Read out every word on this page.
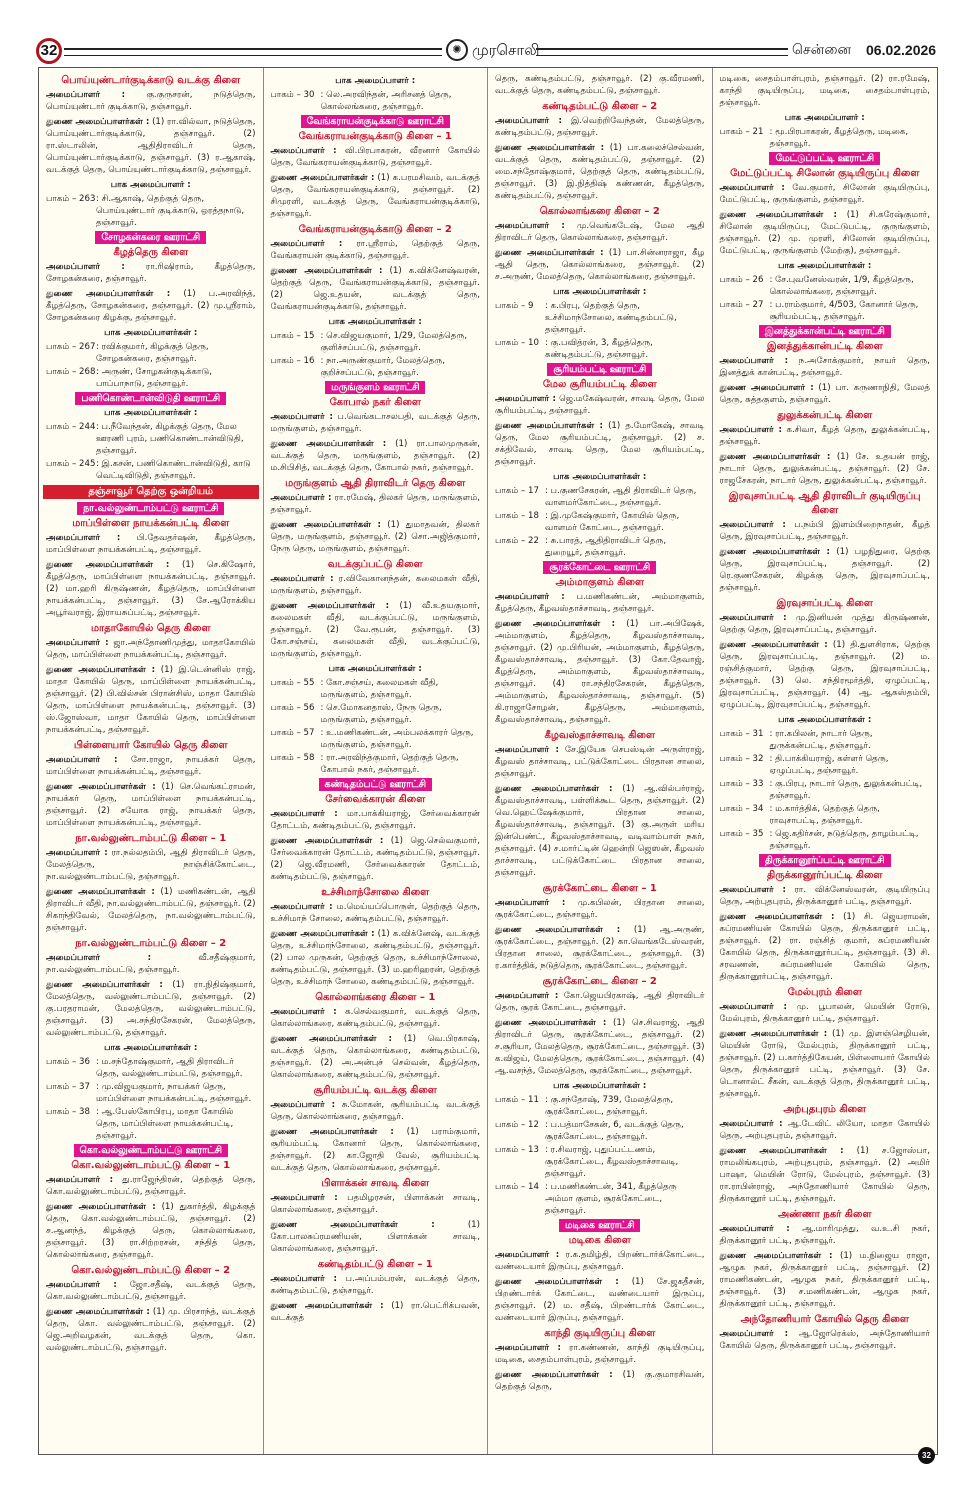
32	✺ முரசொலி	சென்னை 06.02.2026
பொய்யுண்டார்குடிக்காடு வடக்கு கிளை
அமைப்பாளர் : கு.குருசரன், நடுத்தெரு, பொய்யுண்டார் குடிக்காடு, தஞ்சாவூர்.
துணை அமைப்பாளர்கள் : (1) ரா.வில்வா, நடுத்தெரு, பொய்யுண்டார்குடிக்காடு, தஞ்சாவூர். (2) ரா.ஸ்டாலின், ஆதிதிராவிடர் தெரு, பொய்யுண்டார்குடிக்காடு, தஞ்சாவூர். (3) ர.ஆகாஷ், வடக்குத் தெரு, பொய்யுண்டார்குடிக்காடு, தஞ்சாவூர்.
பாக அமைப்பாளர் :
பாகம் – 263 : சி.ஆகாஷ், தெற்குத் தெரு, பொய்யுண்டார் குடிக்காடு, ஒரத்தநாடு, தஞ்சாவூர்.
சோழகன்கரை ஊராட்சி
கீழத்தெரு கிளை
அமைப்பாளர் : ரா.ரிஷிராம், கீழத்தெரு, சோழகன்கரை, தஞ்சாவூர்.
துணை அமைப்பாளர்கள் : (1) ப.அரவிந்த், கீழத்தெரு, சோழகன்கரை, தஞ்சாவூர். (2) மு.ஸ்ரீராம், சோழகன்கரை கிழக்கு, தஞ்சாவூர்.
பாக அமைப்பாளர்கள் :
பாகம் – 267 : ரவிக்குமார், கிழக்குத் தெரு, சோழகன்கரை, தஞ்சாவூர்.
பாகம் – 268 : அருண், சோழகன்குடிக்காடு, பாப்பாநாடு, தஞ்சாவூர்.
பணிகொண்டான்விடுதி ஊராட்சி
பாக அமைப்பாளர்கள் :
பாகம் – 244 : ப.நீவேந்தன், கிழக்குத் தெரு, மேல ஊரணி புரம், பணிகொண்டான்விடுதி, தஞ்சாவூர்.
பாகம் – 245 : இ.கசன், பணிகொண்டான்விடுதி, காடு வெட்டிவிடுதி, தஞ்சாவூர்.
தஞ்சாவூர் தெற்கு ஒன்றியம்
நா.வல்லுண்டாம்பட்டு ஊராட்சி
மாப்பிள்ளை நாயக்கன்பட்டி கிளை
அமைப்பாளர் : பி.தேவதர்ஷன், கீழத்தெரு, மாப்பிள்ளை நாயக்கன்பட்டி, தஞ்சாவூர்.
துணை அமைப்பாளர்கள் : (1) செ.கிஷோர், கீழத்தெரு, மாப்பிள்ளை நாயக்கன்பட்டி, தஞ்சாவூர். (2) மா.ஹரி கிருஷ்ணன், கீழத்தெரு, மாப்பிள்ளை நாயக்கன்பட்டி, தஞ்சாவூர். (3) சே.ஆரோக்கிய அபூர்வராஜ், இராயசுப்பட்டி, தஞ்சாவூர்.
மாதாகோயில் தெரு கிளை
அமைப்பாளர் : ஜா.அந்தோணிமுத்து, மாதாகோயில் தெரு, மாப்பிள்ளை நாயக்கன்பட்டி, தஞ்சாவூர்.
துணை அமைப்பாளர்கள் : (1) இ.டென்னிஸ் ராஜ், மாதா கோயில் தெரு, மாப்பிள்ளை நாயக்கன்பட்டி, தஞ்சாவூர். (2) பி.வில்சன் பிரான்சிஸ், மாதா கோயில் தெரு, மாப்பிள்ளை நாயக்கன்பட்டி, தஞ்சாவூர். (3) ஸ்.ஜோஸ்வா, மாதா கோயில் தெரு, மாப்பிள்ளை நாயக்கன்பட்டி, தஞ்சாவூர்.
பிள்ளையார் கோயில் தெரு கிளை
அமைப்பாளர் : சோ.ராஜா, நாயக்கர் தெரு, மாப்பிள்ளை நாயக்கன்பட்டி, தஞ்சாவூர்.
துணை அமைப்பாளர்கள் : (1) செ.வெங்கட்ராமன், நாயக்கர் தெரு, மாப்பிள்ளை நாயக்கன்பட்டி, தஞ்சாவூர். (2) சயோக ராஜ், நாயக்கர் தெரு, மாப்பிள்ளை நாயக்கன்பட்டி, தஞ்சாவூர்.
நா.வல்லுண்டாம்பட்டு கிளை – 1
அமைப்பாளர் : ரா.நல்லதம்பி, ஆதி திராவிடர் தெரு, மேலத்தெரு, நாஞ்சிக்கோட்டை, நா.வல்லுண்டாம்பட்டு, தஞ்சாவூர்.
துணை அமைப்பாளர்கள் : (1) மணிகண்டன், ஆதி திராவிடர் வீதி, நா.வல்லுண்டாம்பட்டு, தஞ்சாவூர். (2) சிகாந்திவேல், மேலத்தெரு, நா.வல்லுண்டாம்பட்டு, தஞ்சாவூர்.
நா.வல்லுண்டாம்பட்டு கிளை – 2
அமைப்பாளர் : வீ.சதீஷ்குமார், நா.வல்லுண்டாம்பட்டு, தஞ்சாவூர்.
துணை அமைப்பாளர்கள் : (1) ரா.நிதிஷ்குமார், மேலத்தெரு, வல்லுண்டாம்பட்டு, தஞ்சாவூர். (2) கு.பரதராமன், மேலத்தெரு, வல்லுண்டாம்பட்டு, தஞ்சாவூர். (3) அ.சந்திரசேகரன், மேலத்தெரு, வல்லுண்டாம்பட்டு, தஞ்சாவூர்.
பாக அமைப்பாளர்கள் :
பாகம் – 36 : ம.சந்தோஷ்குமார், ஆதி திராவிடர் தெரு, வல்லுண்டாம்பட்டு, தஞ்சாவூர்.
பாகம் – 37 : மு.விஜயகுமார், நாயக்கர் தெரு, மாப்பிள்ளை நாயக்கன்பட்டி, தஞ்சாவூர்.
பாகம் – 38 : ஆ.பேஸ்கோபிரபு, மாதா கோயில் தெரு, மாப்பிள்ளை நாயக்கன்பட்டி, தஞ்சாவூர்.
கொ.வல்லுண்டாம்பட்டு ஊராட்சி
கொ.வல்லுண்டாம்பட்டு கிளை – 1
அமைப்பாளர் : து.ராஜேந்திரன், தெற்குத் தெரு, கொ.வல்லுண்டாம்பட்டு, தஞ்சாவூர்.
துணை அமைப்பாளர்கள் : (1) துகார்த்தி, கிழக்குத் தெரு, கொ.வல்லுண்டாம்பட்டு, தஞ்சாவூர். (2) ச.ஆனந்த், கிழக்குத் தெரு, கொல்லாங்கரை, தஞ்சாவூர். (3) ரா.சிற்றரசன், சந்தித் தெரு, கொல்லாங்கரை, தஞ்சாவூர்.
கொ.வல்லுண்டாம்பட்டு கிளை – 2
அமைப்பாளர் : ஜோ.சதீஷ், வடக்குத் தெரு, கொ.வல்லுண்டாம்பட்டு, தஞ்சாவூர்.
துணை அமைப்பாளர்கள் : (1) மு. பிரசாந்த், வடக்குத் தெரு, கொ. வல்லுண்டாம்பட்டு, தஞ்சாவூர். (2) ஜெ.அறிவழகன், வடக்குத் தெரு, கொ. வல்லுண்டாம்பட்டு, தஞ்சாவூர்.
பாக அமைப்பாளர் :
பாகம் – 30 : லெ.அரவிந்தன், அரிசனத் தெரு, கொல்லங்கரை, தஞ்சாவூர்.
வேங்கராயன்குடிக்காடு ஊராட்சி
வேங்கராயன்குடிக்காடு கிளை – 1
அமைப்பாளர் : வி.பிரபாகரன், வீரனார் கோயில் தெரு, வேங்கராயன்குடிக்காடு, தஞ்சாவூர்.
துணை அமைப்பாளர்கள் : (1) க.பரமசிவம், வடக்குத் தெரு, வேங்கராயன்குடிக்காடு, தஞ்சாவூர். (2) சிமுரளி, வடக்குத் தெரு, வேங்கராயன்குடிக்காடு, தஞ்சாவூர்.
வேங்கராயன்குடிக்காடு கிளை – 2
அமைப்பாளர் : ரா.ஸ்ரீராம், தெற்குத் தெரு, வேங்கராயன் குடிக்காடு, தஞ்சாவூர்.
துணை அமைப்பாளர்கள் : (1) க.விக்னேஷ்வரன், தெற்குத் தெரு, வேங்கராயன்குடிக்காடு, தஞ்சாவூர். (2) ஜெ.உதயன், வடக்குத் தெரு, வேங்கராயன்குடிக்காடு, தஞ்சாவூர்.
பாக அமைப்பாளர்கள் :
பாகம் – 15 : செ.விஜயகுமார், 1/29, மேலத்தெரு, குளிச்சப்பட்டு, தஞ்சாவூர்.
பாகம் – 16 : நா.அருண்குமார், மேலத்தெரு, குறிச்சப்பட்டு, தஞ்சாவூர்.
மருங்குளம் ஊராட்சி
கோபால் நகர் கிளை
அமைப்பாளர் : ப.வெங்கடாசலபதி, வடக்குத் தெரு, மருங்குளம், தஞ்சாவூர்.
துணை அமைப்பாளர்கள் : (1) ரா.பாலமுருகன், வடக்குத் தெரு, மருங்குளம், தஞ்சாவூர். (2) ம.சிபிசித், வடக்குத் தெரு, கோபால் நகர், தஞ்சாவூர்.
மருங்குளம் ஆதி திராவிடர் தெரு கிளை
அமைப்பாளர் : ரா.ரமேஷ், திலகர் தெரு, மருங்குளம், தஞ்சாவூர்.
துணை அமைப்பாளர்கள் : (1) துமாதவன், திலகர் தெரு, மருங்குளம், தஞ்சாவூர். (2) சொ.அஜித்குமார், நேரு தெரு, மருங்குளம், தஞ்சாவூர்.
வடக்குப்பட்டு கிளை
அமைப்பாளர் : ர.விவேகானந்தன், கலைமகள் வீதி, மருங்குளம், தஞ்சாவூர்.
துணை அமைப்பாளர்கள் : (1) வீ.உதயகுமார், கலைமகள் வீதி, வடக்குப்பட்டு, மருங்குளம், தஞ்சாவூர். (2) வே.ரூபன், தஞ்சாவூர். (3) கோ.சஞ்சய், கலைமகள் வீதி, வடக்குப்பட்டு, மருங்குளம், தஞ்சாவூர்.
பாக அமைப்பாளர்கள் :
பாகம் – 55 : கோ.சஞ்சய், கலைமகள் வீதி, மருங்குளம், தஞ்சாவூர்.
பாகம் – 56 : செ.மோகனதாஸ், நேரு தெரு, மருங்குளம், தஞ்சாவூர்.
பாகம் – 57 : உ.மணிகண்டன், அம்பலக்காரர் தெரு, மருங்குளம், தஞ்சாவூர்.
பாகம் – 58 : ரா.அரவிந்த்குமார், தெற்குத் தெரு, கோபால் நகர், தஞ்சாவூர்.
கண்டிதம்பட்டு ஊராட்சி
சேர்வைக்காரன் கிளை
அமைப்பாளர் : மா.பாக்கியராஜ், சேர்வைக்காரன் தோட்டம், கண்டிதம்பட்டு, தஞ்சாவூர்.
துணை அமைப்பாளர்கள் : (1) ஜெ.செல்வகுமார், சேர்வைக்காரன் தோட்டம், கண்டிதம்பட்டு, தஞ்சாவூர். (2) ஜெ.வீரமணி, சேர்வைக்காரன் தோட்டம், கண்டிதம்பட்டு, தஞ்சாவூர்.
உச்சிமாந்சோலை கிளை
அமைப்பாளர் : ம.மெய்யப்பொருள், தெற்குத் தெரு, உச்சிமாந் சோலை, கண்டிதம்பட்டு, தஞ்சாவூர்.
துணை அமைப்பாளர்கள் : (1) க.விக்னேஷ், வடக்குத் தெரு, உச்சிமாந்சோலை, கண்டிதம்பட்டு, தஞ்சாவூர். (2) பால முருகன், தெற்குத் தெரு, உச்சிமாந்சோலை, கண்டிதம்பட்டு, தஞ்சாவூர். (3) ம.ஹரிஹரன், தெற்குத் தெரு, உச்சிமாந் சோலை, கண்டிதம்பட்டு, தஞ்சாவூர்.
கொல்லாங்கரை கிளை – 1
அமைப்பாளர் : க.செல்வகுமார், வடக்குத் தெரு, கொல்லாங்கரை, கண்டிதம்பட்டு, தஞ்சாவூர்.
துணை அமைப்பாளர்கள் : (1) வெ.பிரகாஷ், வடக்குத் தெரு, கொல்லாங்கரை, கண்டிதம்பட்டு, தஞ்சாவூர். (2) அ.அன்புச் செல்வன், கீழத்தெரு, கொல்லாங்கரை, கண்டிதம்பட்டு, தஞ்சாவூர்.
சூரியம்பட்டி வடக்கு கிளை
அமைப்பாளர் : சு.மோகன், சூரியம்பட்டி வடக்குத் தெரு, கொல்லாங்கரை, தஞ்சாவூர்.
துணை அமைப்பாளர்கள் : (1) பராம்குமார், சூரியம்பட்டி கோனார் தெரு, கொல்லாங்கரை, தஞ்சாவூர். (2) கா.ஜோதி வேல், சூரியம்பட்டி வடக்குத் தெரு, கொல்லாங்கரை, தஞ்சாவூர்.
பிளாக்கன் சாவடி கிளை
அமைப்பாளர் : பதமிழரசன், பிளாக்கன் சாவடி, கொல்லாங்கரை, தஞ்சாவூர்.
துணை அமைப்பாளர்கள் : (1) கோ.பாலசுப்ரமணியன், பிளாக்கன் சாவடி, கொல்லாங்கரை, தஞ்சாவூர்.
கண்டிதம்பட்டு கிளை – 1
அமைப்பாளர் : ப.அப்பம்பரன், வடக்குத் தெரு, கண்டிதம்பட்டு, தஞ்சாவூர்.
துணை அமைப்பாளர்கள் : (1) ரா.பெட்ரிக்பவன், வடக்குத்
தெரு, கண்டிதம்பட்டு, தஞ்சாவூர். (2) கு.வீரமணி, வடக்குத் தெரு, கண்டிதம்பட்டு, தஞ்சாவூர்.
கண்டிதம்பட்டு கிளை – 2
அமைப்பாளர் : இ.வெற்றிவேந்தன், மேலத்தெரு, கண்டிதம்பட்டு, தஞ்சாவூர்.
துணை அமைப்பாளர்கள் : (1) பா.கலைச்செல்வன், வடக்குத் தெரு, கண்டிதம்பட்டு, தஞ்சாவூர். (2) மை.சந்தோஷ்குமார், தெற்குத் தெரு, கண்டிதம்பட்டு, தஞ்சாவூர். (3) இ.நித்திஷ் கண்ணன், கீழத்தெரு, கண்டிதம்பட்டு, தஞ்சாவூர்.
கொல்லாங்கரை கிளை – 2
அமைப்பாளர் : மு.வெங்கடேஷ், மேல ஆதி திராவிடர் தெரு, கொல்லாங்கரை, தஞ்சாவூர்.
துணை அமைப்பாளர்கள் : (1) பா.சின்னராஜா, கீழ ஆதி தெரு, கொல்லாங்கரை, தஞ்சாவூர். (2) ச.அருண், மேலத்தெரு, கொல்லாங்கரை, தஞ்சாவூர்.
பாக அமைப்பாளர்கள் :
பாகம் – 9	: க.பிரபு, தெற்குத் தெரு, உச்சிமாந்சோலை, கண்டிதம்பட்டு, தஞ்சாவூர்.
பாகம் – 10 : கு.பவித்ரன், 3, கீழத்தெரு, கண்டிதம்பட்டு, தஞ்சாவூர்.
சூரியம்பட்டி ஊராட்சி
மேல சூரியம்பட்டி கிளை
அமைப்பாளர் : ஜெ.மகேஷ்வரன், சாவடி தெரு, மேல சூரியம்பட்டி, தஞ்சாவூர்.
துணை அமைப்பாளர்கள் : (1) த.மோகேஷ், சாவடி தெரு, மேல சூரியம்பட்டி, தஞ்சாவூர். (2) ச. சக்திவேல், சாவடி தெரு, மேல சூரியம்பட்டி, தஞ்சாவூர்.
பாக அமைப்பாளர்கள் :
பாகம் – 17 : ப.குணசேகரன், ஆதி திராவிடர் தெரு, வாளமர்கோட்டை, தஞ்சாவூர்.
பாகம் – 18 : இ.முகேஷ்குமார், கோயில் தெரு, வாளமர் கோட்டை, தஞ்சாவூர்.
பாகம் – 22 : சு.பாரத், ஆதிதிராவிடர் தெரு, துறையூர், தஞ்சாவூர்.
சூரக்கோட்டை ஊராட்சி
அம்மாகுளம் கிளை
அமைப்பாளர் : ப.மணிகண்டன், அம்மாகுளம், கீழத்தெரு, கீழவஸ்தாச்சாவடி, தஞ்சாவூர்.
துணை அமைப்பாளர்கள் : (1) பா.அபிஷேக், அம்மாகுளம், கீழத்தெரு, கீழவஸ்தாச்சாவடி, தஞ்சாவூர். (2) மு.பிரியன், அம்மாகுளம், கீழத்தெரு, கீழவஸ்தாச்சாவடி, தஞ்சாவூர். (3) கோ.தேவாஜ், கீழத்தெரு, அம்மாகுளம், கீழவஸ்தாச்சாவடி, தஞ்சாவூர். (4) ரா.சந்திரசேகரன், கீழத்தெரு, அம்மாகுளம், கீழவஸ்தாச்சாவடி, தஞ்சாவூர். (5) கி.ராஜாசோழன், கீழத்தெரு, அம்மாகுளம், கீழவஸ்தாச்சாவடி, தஞ்சாவூர்.
கீழவஸ்தாச்சாவடி கிளை
அமைப்பாளர் : சே.இயேசு செபஸ்டின் அருள்ராஜ், கீழவஸ் தாச்சாவடி, பட்டுக்கோட்டை பிரதான சாலை, தஞ்சாவூர்.
துணை அமைப்பாளர்கள் : (1) ஆ.வில்பர்ராஜ், கீழவஸ்தாச்சாவடி, பள்ளிக்கூட தெரு, தஞ்சாவூர். (2) வெ.ஹெட்ஷேக்குமார், பிரதான சாலை, கீழவஸ்தாச்சாவடி, தஞ்சாவூர். (3) கு.அருள் மரிய இன்பெண்ட், கீழவஸ்தாச்சாவடி, வடிவாம்பாள் நகர், தஞ்சாவூர். (4) ச.மார்ட்டின் ஹென்றி ஜெஸன், கீழவஸ் தாச்சாவடி, பட்டுக்கோட்டை பிரதான சாலை, தஞ்சாவூர்.
சூரக்கோட்டை கிளை – 1
அமைப்பாளர் : மு.கபிலன், பிரதான சாலை, சூரக்கோட்டை, தஞ்சாவூர்.
துணை அமைப்பாளர்கள் : (1) ஆ.அருண், சூரக்கோட்டை, தஞ்சாவூர். (2) கா.வெங்கடேஸ்வரன், பிரதான சாலை, சூரக்கோட்டை, தஞ்சாவூர். (3) ர.கார்த்திக், நடுத்தெரு, சூரக்கோட்டை, தஞ்சாவூர்.
சூரக்கோட்டை கிளை – 2
அமைப்பாளர் : கோ.ஜெயபிரகாஷ், ஆதி திராவிடர் தெரு, சூரக் கோட்டை, தஞ்சாவூர்.
துணை அமைப்பாளர்கள் : (1) செ.சிவராஜ், ஆதி திராவிடர் தெரு, சூரக்கோட்டை, தஞ்சாவூர். (2) ச.சூரியா, மேலத்தெரு, சூரக்கோட்டை, தஞ்சாவூர். (3) க.விஜய், மேலத்தெரு, சூரக்கோட்டை, தஞ்சாவூர். (4) ஆ.வசந்த், மேலத்தெரு, சூரக்கோட்டை, தஞ்சாவூர்.
பாக அமைப்பாளர்கள் :
பாகம் – 11 : கு.சந்தோஷ், 739, மேலத்தெரு, சூரக்கோட்டை, தஞ்சாவூர்.
பாகம் – 12 : ப.பத்மாசேகன், 6, வடக்குத் தெரு, சூரக்கோட்டை, தஞ்சாவூர்.
பாகம் – 13 : ர.சிவராஜ், புதுப்பட்டணம், சூரக்கோட்டை, கீழவஸ்தாச்சாவடி, தஞ்சாவூர்.
பாகம் – 14 : ப.மணிகண்டன், 341, கீழத்தெரு அம்மா குளம், சூரக்கோட்டை, தஞ்சாவூர்.
மடிகை ஊராட்சி
மடிகை கிளை
அமைப்பாளர் : ர.க.தமிழ்தி, பிறண்டார்க்கோட்டை, வண்டையார் இருப்பு, தஞ்சாவூர்.
துணை அமைப்பாளர்கள் : (1) சே.ஜகதீசன், பிறண்டார்க் கோட்டை, வண்டையார் இருப்பு, தஞ்சாவூர். (2) ம. சதீஷ், பிறண்டார்க் கோட்டை, வண்டையார் இருப்பு, தஞ்சாவூர்.
காந்தி குடியிருப்பு கிளை
அமைப்பாளர் : ரா.கண்ணன், காந்தி குடியிருப்பு, மடிகை, சைதம்பாள்புரம், தஞ்சாவூர்.
துணை அமைப்பாளர்கள் : (1) கு.குமாரசிவன், தெற்குத் தெரு,
மடிகை, சைதம்பாள்புரம், தஞ்சாவூர். (2) ரா.ரமேஷ், காந்தி குடியிருப்பு, மடிகை, சைதம்பாள்புரம், தஞ்சாவூர்.
பாக அமைப்பாளர் :
பாகம் – 21 : மூ.பிரபாகரன், கீழத்தெரு, மடிகை, தஞ்சாவூர்.
மேட்டுப்பட்டி ஊராட்சி
மேட்டுப்பட்டி சிலோன் குடியிருப்பு கிளை
அமைப்பாளர் : வே.குமார், சிலோன் குடியிருப்பு, மேட்டுபட்டி, குருங்குளம், தஞ்சாவூர்.
துணை அமைப்பாளர்கள் : (1) சி.கரேஷ்குமார், சிலோன் குடியிருப்பு, மேட்டுபட்டி, குருங்குளம், தஞ்சாவூர். (2) மு. முரளி, சிலோன் குடியிருப்பு, மேட்டுபட்டி, குருங்குளம் (மேற்கு), தஞ்சாவூர்.
பாக அமைப்பாளர்கள் :
பாகம் – 26 : சே.புவனேஸ்வரன், 1/9, கீழத்தெரு, கொல்லாங்கரை, தஞ்சாவூர்.
பாகம் – 27 : ப.ராம்குமார், 4/503, கோனார் தெரு, சூரியம்பட்டி, தஞ்சாவூர்.
இனத்துக்கான்பட்டி ஊராட்சி
இனத்துக்கான்பட்டி கிளை
அமைப்பாளர் : ந.அசோக்குமார், நாயர் தெரு, இனத்துக் கான்பட்டி, தஞ்சாவூர்.
துணை அமைப்பாளர் : (1) பா. கருணாநிதி, மேலத் தெரு, சுத்தகுளம், தஞ்சாவூர்.
துலுக்கன்பட்டி கிளை
அமைப்பாளர் : க.சிவா, கீழத் தெரு, துலுக்கன்பட்டி, தஞ்சாவூர்.
துணை அமைப்பாளர்கள் : (1) சே. உதயன் ராஜ், நாடார் தெரு, துலுக்கன்பட்டி, தஞ்சாவூர். (2) சே. ராஜசேகரன், நாடார் தெரு, துலுக்கன்பட்டி, தஞ்சாவூர்.
இரவுசாப்பட்டி ஆதி திராவிடர் குடியிருப்பு கிளை
அமைப்பாளர் : ப.நம்பி இளம்பிறைநாதன், கீழத் தெரு, இரவுசாப்பட்டி, தஞ்சாவூர்.
துணை அமைப்பாளர்கள் : (1) பழநிதுரை, தெற்கு தெரு, இரவுசாப்பட்டி, தஞ்சாவூர். (2) ரெ.குணசேகரன், கிழக்கு தெரு, இரவுசாப்பட்டி, தஞ்சாவூர்.
இரவுசாப்பட்டி கிளை
அமைப்பாளர் : மு.இனியன் முத்து கிருஷ்ணன், தெற்கு தெரு, இரவுசாப்பட்டி, தஞ்சாவூர்.
துணை அமைப்பாளர்கள் : (1) தி.துளசிராக, தெற்கு தெரு, இரவுசாப்பட்டி, தஞ்சாவூர். (2) ம. ரஞ்சித்குமார், தெற்கு தெரு, இரவுசாப்பட்டி, தஞ்சாவூர். (3) லெ. சந்திரமூர்த்தி, ஏழுப்பட்டி, இரவுசாப்பட்டி, தஞ்சாவூர். (4) ஆ. ஆகஸ்தம்பி, ஏழுப்பட்டி, இரவுசாப்பட்டி, தஞ்சாவூர்.
பாக அமைப்பாளர்கள் :
பாகம் – 31 : ரா.கபிலன், நாடார் தெரு, துருக்கன்பட்டி, தஞ்சாவூர்.
பாகம் – 32 : தி.பாக்கியராஜ், கள்ளர் தெரு, ஏழுப்பட்டி, தஞ்சாவூர்.
பாகம் – 33 : கு.பிரபு, நாடார் தெரு, துலுக்கன்பட்டி, தஞ்சாவூர்.
பாகம் – 34 : ம.கார்த்திக், தெற்குத் தெரு, ராவுசாபட்டி, தஞ்சாவூர்.
பாகம் – 35 : ஜெ.கதிர்சன், நடுத்தெரு, தாழம்பட்டி, தஞ்சாவூர்.
திருக்கானூர்ப்பட்டி ஊராட்சி
திருக்கானூர்ப்பட்டி கிளை
அமைப்பாளர் : ரா. விக்னேஸ்வரன், குடியிருப்பு தெரு, அற்புதபுரம், திருக்கானூர் பட்டி, தஞ்சாவூர்.
துணை அமைப்பாளர்கள் : (1) சி. ஜெயராமன், கப்ரமணியன் கோயில் தெரு, திருக்கானூர் பட்டி, தஞ்சாவூர். (2) ரா. ரஞ்சித் குமார், சுப்ரமணியன் கோயில் தெரு, திருக்கானூர்பட்டி, தஞ்சாவூர். (3) சி. சரவணன், சுப்ரமணியன் கோயில் தெரு, திருக்கானூர்பட்டி, தஞ்சாவூர்.
மேல்புரம் கிளை
அமைப்பாளர் : மு. பூபாலன், மெயின் ரோடு, மேல்புரம், திருக்கானூர் பட்டி, தஞ்சாவூர்.
துணை அமைப்பாளர்கள் : (1) மு. இளஞ்செழியன், மெயின் ரோடு, மேல்புரம், திருக்கானூர் பட்டி, தஞ்சாவூர். (2) ப.கார்த்திகேயன், பிள்ளையார் கோயில் தெரு, திருக்கானூர் பட்டி, தஞ்சாவூர். (3) சே. டொனால்ட் சீகன், வடக்குத் தெரு, திருக்கானூர் பட்டி, தஞ்சாவூர்.
அற்புதபுரம் கிளை
அமைப்பாளர் : ஆ.டேவிட் லியோ, மாதா கோயில் தெரு, அற்புதபுரம், தஞ்சாவூர்.
துணை அமைப்பாளர்கள் : (1) ச.ஜோஸ்பா, ராமலிங்கபுரம், அற்புதபுரம், தஞ்சாவூர். (2) அமிர் பாஷா, மெயின் ரோடு, மேல்புரம், தஞ்சாவூர். (3) ரா.ராபின்ராஜ், அந்தோணியார் கோயில் தெரு, திருக்கானூர் பட்டி, தஞ்சாவூர்.
அண்ணா நகர் கிளை
அமைப்பாளர் : ஆ.மாரிமுத்து, வ.உ.சி நகர், திருக்கானூர் பட்டி, தஞ்சாவூர்.
துணை அமைப்பாளர்கள் : (1) ம.நிஜைய ராஜா, ஆழுக நகர், திருக்கானூர் பட்டி, தஞ்சாவூர். (2) ராமணிகண்டன், ஆழுக நகர், திருக்கானூர் பட்டி, தஞ்சாவூர். (3) ச.மணிகண்டன், ஆழுக நகர், திருக்கானூர் பட்டி, தஞ்சாவூர்.
அந்தோணியார் கோயில் தெரு கிளை
அமைப்பாளர் : ஆ.ஜோரெக்ஸ், அந்தோணியார் கோயில் தெரு, திருக்கானூர் பட்டி, தஞ்சாவூர்.
32
